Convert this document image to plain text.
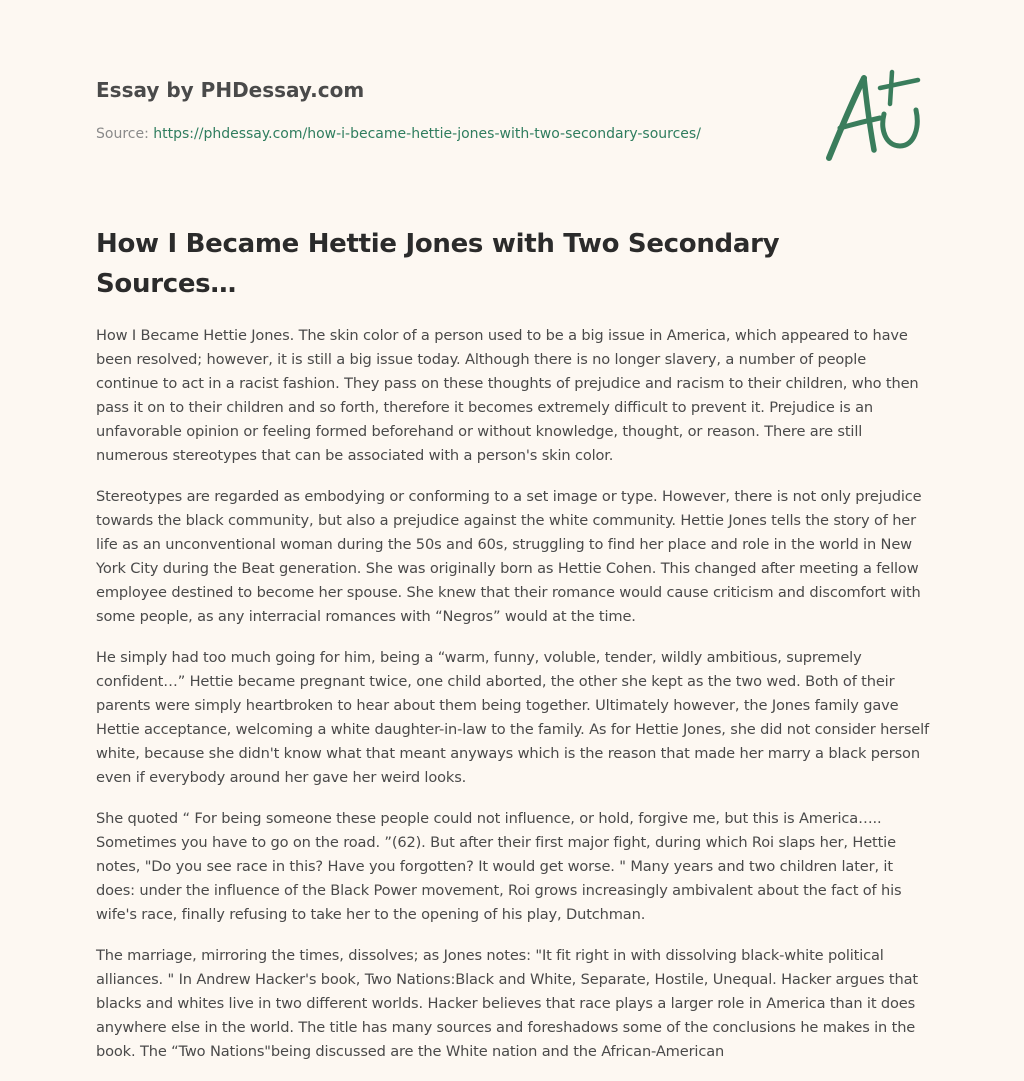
Essay by PHDessay.com
Source: https://phdessay.com/how-i-became-hettie-jones-with-two-secondary-sources/
How I Became Hettie Jones with Two Secondary Sources…

How I Became Hettie Jones. The skin color of a person used to be a big issue in America, which appeared to have been resolved; however, it is still a big issue today. Although there is no longer slavery, a number of people continue to act in a racist fashion. They pass on these thoughts of prejudice and racism to their children, who then pass it on to their children and so forth, therefore it becomes extremely difficult to prevent it. Prejudice is an unfavorable opinion or feeling formed beforehand or without knowledge, thought, or reason. There are still numerous stereotypes that can be associated with a person's skin color.

Stereotypes are regarded as embodying or conforming to a set image or type. However, there is not only prejudice towards the black community, but also a prejudice against the white community. Hettie Jones tells the story of her life as an unconventional woman during the 50s and 60s, struggling to find her place and role in the world in New York City during the Beat generation. She was originally born as Hettie Cohen. This changed after meeting a fellow employee destined to become her spouse. She knew that their romance would cause criticism and discomfort with some people, as any interracial romances with “Negros” would at the time.

He simply had too much going for him, being a “warm, funny, voluble, tender, wildly ambitious, supremely confident…” Hettie became pregnant twice, one child aborted, the other she kept as the two wed. Both of their parents were simply heartbroken to hear about them being together. Ultimately however, the Jones family gave Hettie acceptance, welcoming a white daughter-in-law to the family. As for Hettie Jones, she did not consider herself white, because she didn't know what that meant anyways which is the reason that made her marry a black person even if everybody around her gave her weird looks.

She quoted “ For being someone these people could not influence, or hold, forgive me, but this is America….. Sometimes you have to go on the road. ”(62). But after their first major fight, during which Roi slaps her, Hettie notes, "Do you see race in this? Have you forgotten? It would get worse. " Many years and two children later, it does: under the influence of the Black Power movement, Roi grows increasingly ambivalent about the fact of his wife's race, finally refusing to take her to the opening of his play, Dutchman.

The marriage, mirroring the times, dissolves; as Jones notes: "It fit right in with dissolving black-white political alliances. " In Andrew Hacker's book, Two Nations:Black and White, Separate, Hostile, Unequal. Hacker argues that blacks and whites live in two different worlds. Hacker believes that race plays a larger role in America than it does anywhere else in the world. The title has many sources and foreshadows some of the conclusions he makes in the book. The “Two Nations"being discussed are the White nation and the African-American
